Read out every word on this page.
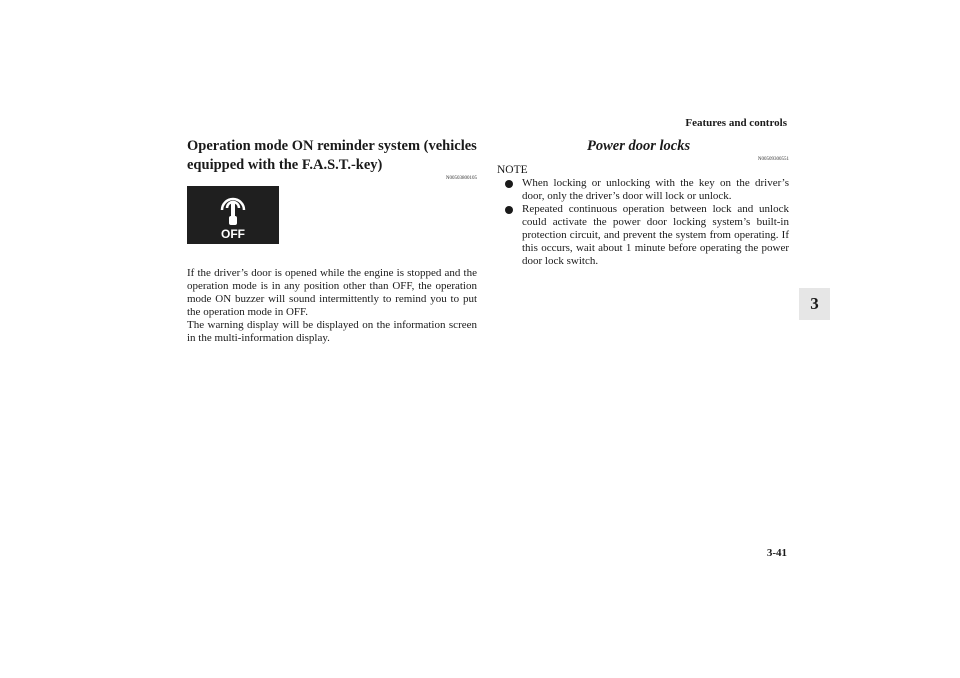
Features and controls
3
Operation mode ON reminder system (vehicles equipped with the F.A.S.T.-key)
N00503800105
OFF

If the driver’s door is opened while the engine is stopped and the operation mode is in any position other than OFF, the operation mode ON buzzer will sound intermittently to remind you to put the operation mode in OFF.

The warning display will be displayed on the information screen in the multi-information display.

Power door locks
N00509300551
NOTE
When locking or unlocking with the key on the driver’s door, only the driver’s door will lock or unlock.
Repeated continuous operation between lock and unlock could activate the power door locking system’s built-in protection circuit, and prevent the system from operating. If this occurs, wait about 1 minute before operating the power door lock switch.
3-41
